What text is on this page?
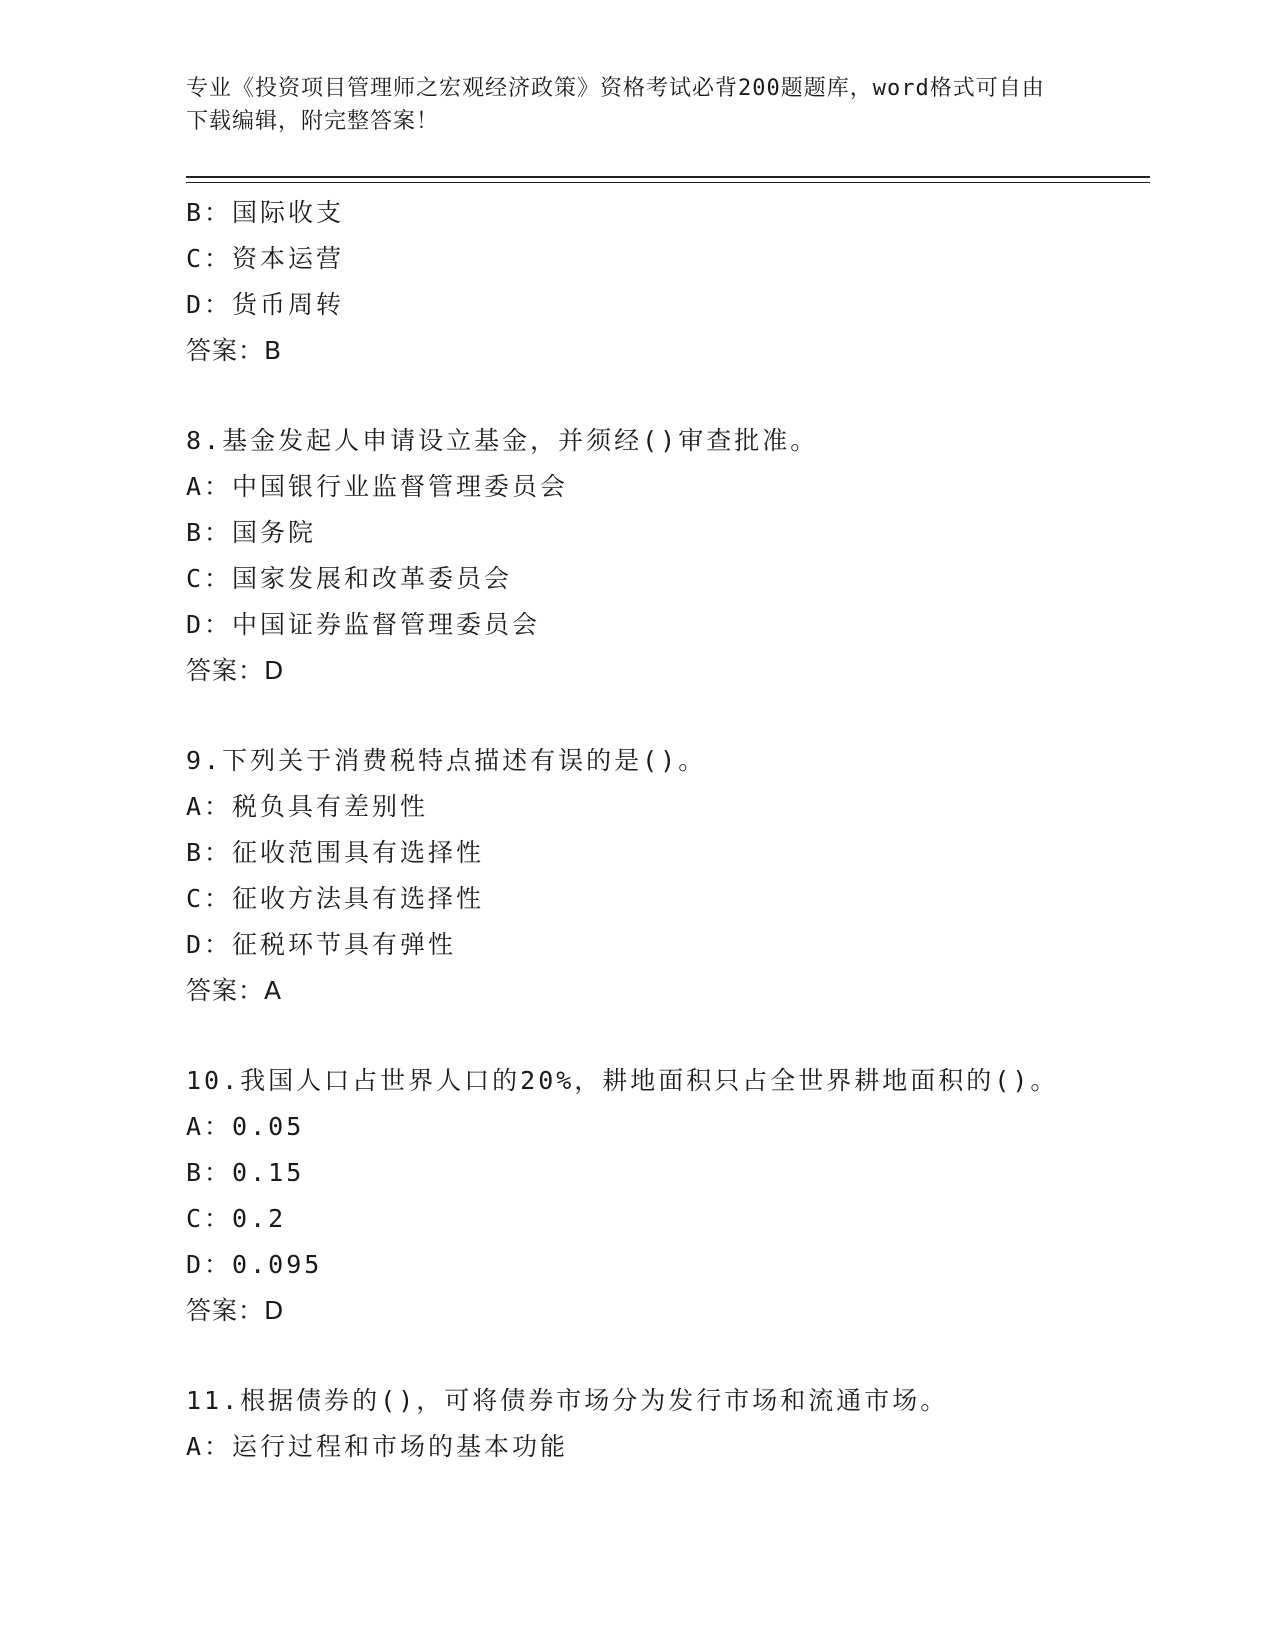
专业《投资项目管理师之宏观经济政策》资格考试必背200题题库，word格式可自由下载编辑，附完整答案！
B：国际收支
C：资本运营
D：货币周转
答案：B
8.基金发起人申请设立基金，并须经()审查批准。
A：中国银行业监督管理委员会
B：国务院
C：国家发展和改革委员会
D：中国证券监督管理委员会
答案：D
9.下列关于消费税特点描述有误的是()。
A：税负具有差别性
B：征收范围具有选择性
C：征收方法具有选择性
D：征税环节具有弹性
答案：A
10.我国人口占世界人口的20%，耕地面积只占全世界耕地面积的()。
A：0.05
B：0.15
C：0.2
D：0.095
答案：D
11.根据债券的()，可将债券市场分为发行市场和流通市场。
A：运行过程和市场的基本功能
